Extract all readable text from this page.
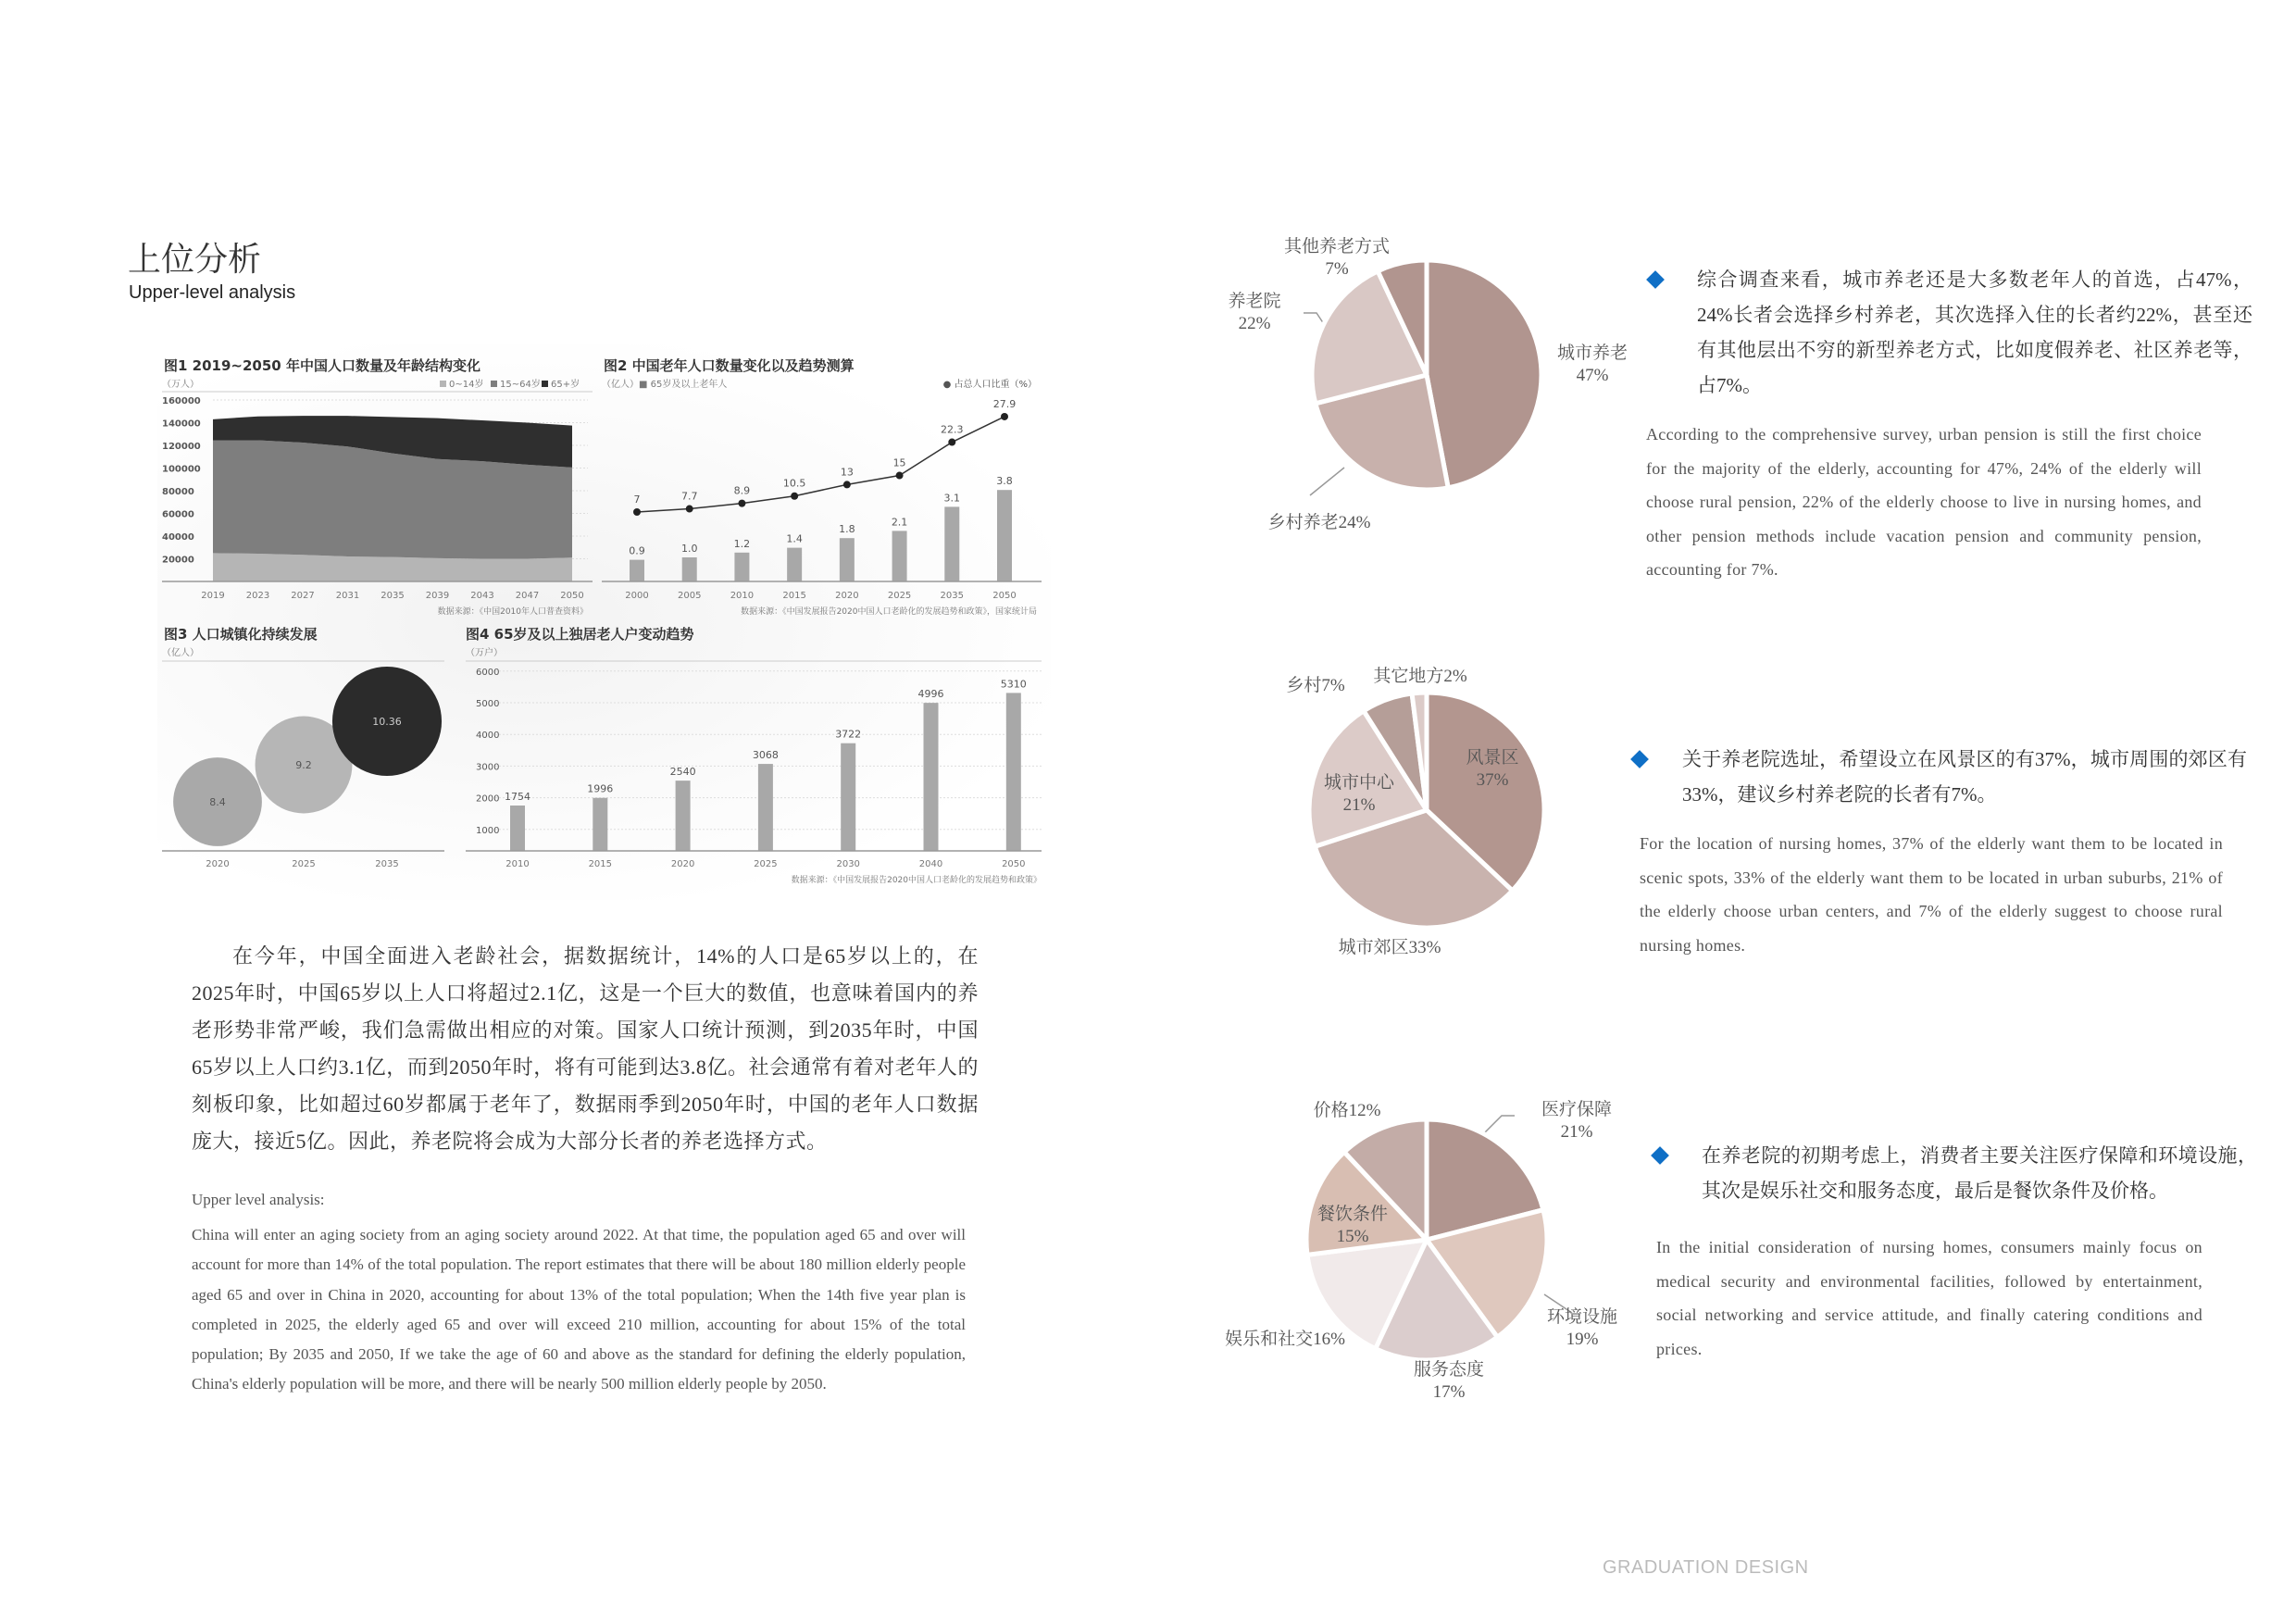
上位分析
Upper-level analysis
图1 2019~2050 年中国人口数量及年龄结构变化
（万人）	0~14岁 15~64岁 65+岁
160000
140000
120000
100000
80000
60000
40000
20000
2019 2023 2027 2031 2035 2039 2043 2047 2050
数据来源：《中国2010年人口普查资料》
图2 中国老年人口数量变化以及趋势测算
（亿人）■ 65岁及以上老年人	● 占总人口比重（%）
0.9	1.0	1.2	1.4
1.8
2.1
3.1
3.8
7	7.7	8.9
10.5
13
15
22.3
27.9
2000	2005	2010	2015	2020	2025	2035	2050
数据来源：《中国发展报告2020中国人口老龄化的发展趋势和政策》，国家统计局
图3 人口城镇化持续发展
（亿人）
8.4
2020
9.2
2025
10.36
2035
图4 65岁及以上独居老人户变动趋势
（万户）
6000
5000
4000
3000
2000
1000
1754
2010
1996
2015
2540
2020
3068
2025
3722
2030
4996
2040
5310
2050
数据来源：《中国发展报告2020中国人口老龄化的发展趋势和政策》
在今年，中国全面进入老龄社会，据数据统计，14%的人口是65岁以上的，在2025年时，中国65岁以上人口将超过2.1亿，这是一个巨大的数值，也意味着国内的养老形势非常严峻，我们急需做出相应的对策。国家人口统计预测，到2035年时，中国65岁以上人口约3.1亿，而到2050年时，将有可能到达3.8亿。社会通常有着对老年人的刻板印象，比如超过60岁都属于老年了，数据雨季到2050年时，中国的老年人口数据庞大，接近5亿。因此，养老院将会成为大部分长者的养老选择方式。
Upper level analysis:
China will enter an aging society from an aging society around 2022. At that time, the population aged 65 and over will account for more than 14% of the total population. The report estimates that there will be about 180 million elderly people aged 65 and over in China in 2020, accounting for about 13% of the total population; When the 14th five year plan is completed in 2025, the elderly aged 65 and over will exceed 210 million, accounting for about 15% of the total population; By 2035 and 2050, If we take the age of 60 and above as the standard for defining the elderly population, China's elderly population will be more, and there will be nearly 500 million elderly people by 2050.
其他养老方式
7%
养老院
22%
城市养老
47%
乡村养老24%
乡村7% 其它地方2%
风景区
37%
城市中心
21%
城市郊区33%
价格12%	医疗保障
21%
餐饮条件
15%
环境设施
19%
娱乐和社交16%
服务态度
17%
综合调查来看，城市养老还是大多数老年人的首选，占47%，24%长者会选择乡村养老，其次选择入住的长者约22%，甚至还有其他层出不穷的新型养老方式，比如度假养老、社区养老等，占7%。
According to the comprehensive survey, urban pension is still the first choice for the majority of the elderly, accounting for 47%, 24% of the elderly will choose rural pension, 22% of the elderly choose to live in nursing homes, and other pension methods include vacation pension and community pension, accounting for 7%.
关于养老院选址，希望设立在风景区的有37%，城市周围的郊区有33%，建议乡村养老院的长者有7%。
For the location of nursing homes, 37% of the elderly want them to be located in scenic spots, 33% of the elderly want them to be located in urban suburbs, 21% of the elderly choose urban centers, and 7% of the elderly suggest to choose rural nursing homes.
在养老院的初期考虑上，消费者主要关注医疗保障和环境设施，其次是娱乐社交和服务态度，最后是餐饮条件及价格。
In the initial consideration of nursing homes, consumers mainly focus on medical security and environmental facilities, followed by entertainment, social networking and service attitude, and finally catering conditions and prices.
GRADUATION DESIGN
